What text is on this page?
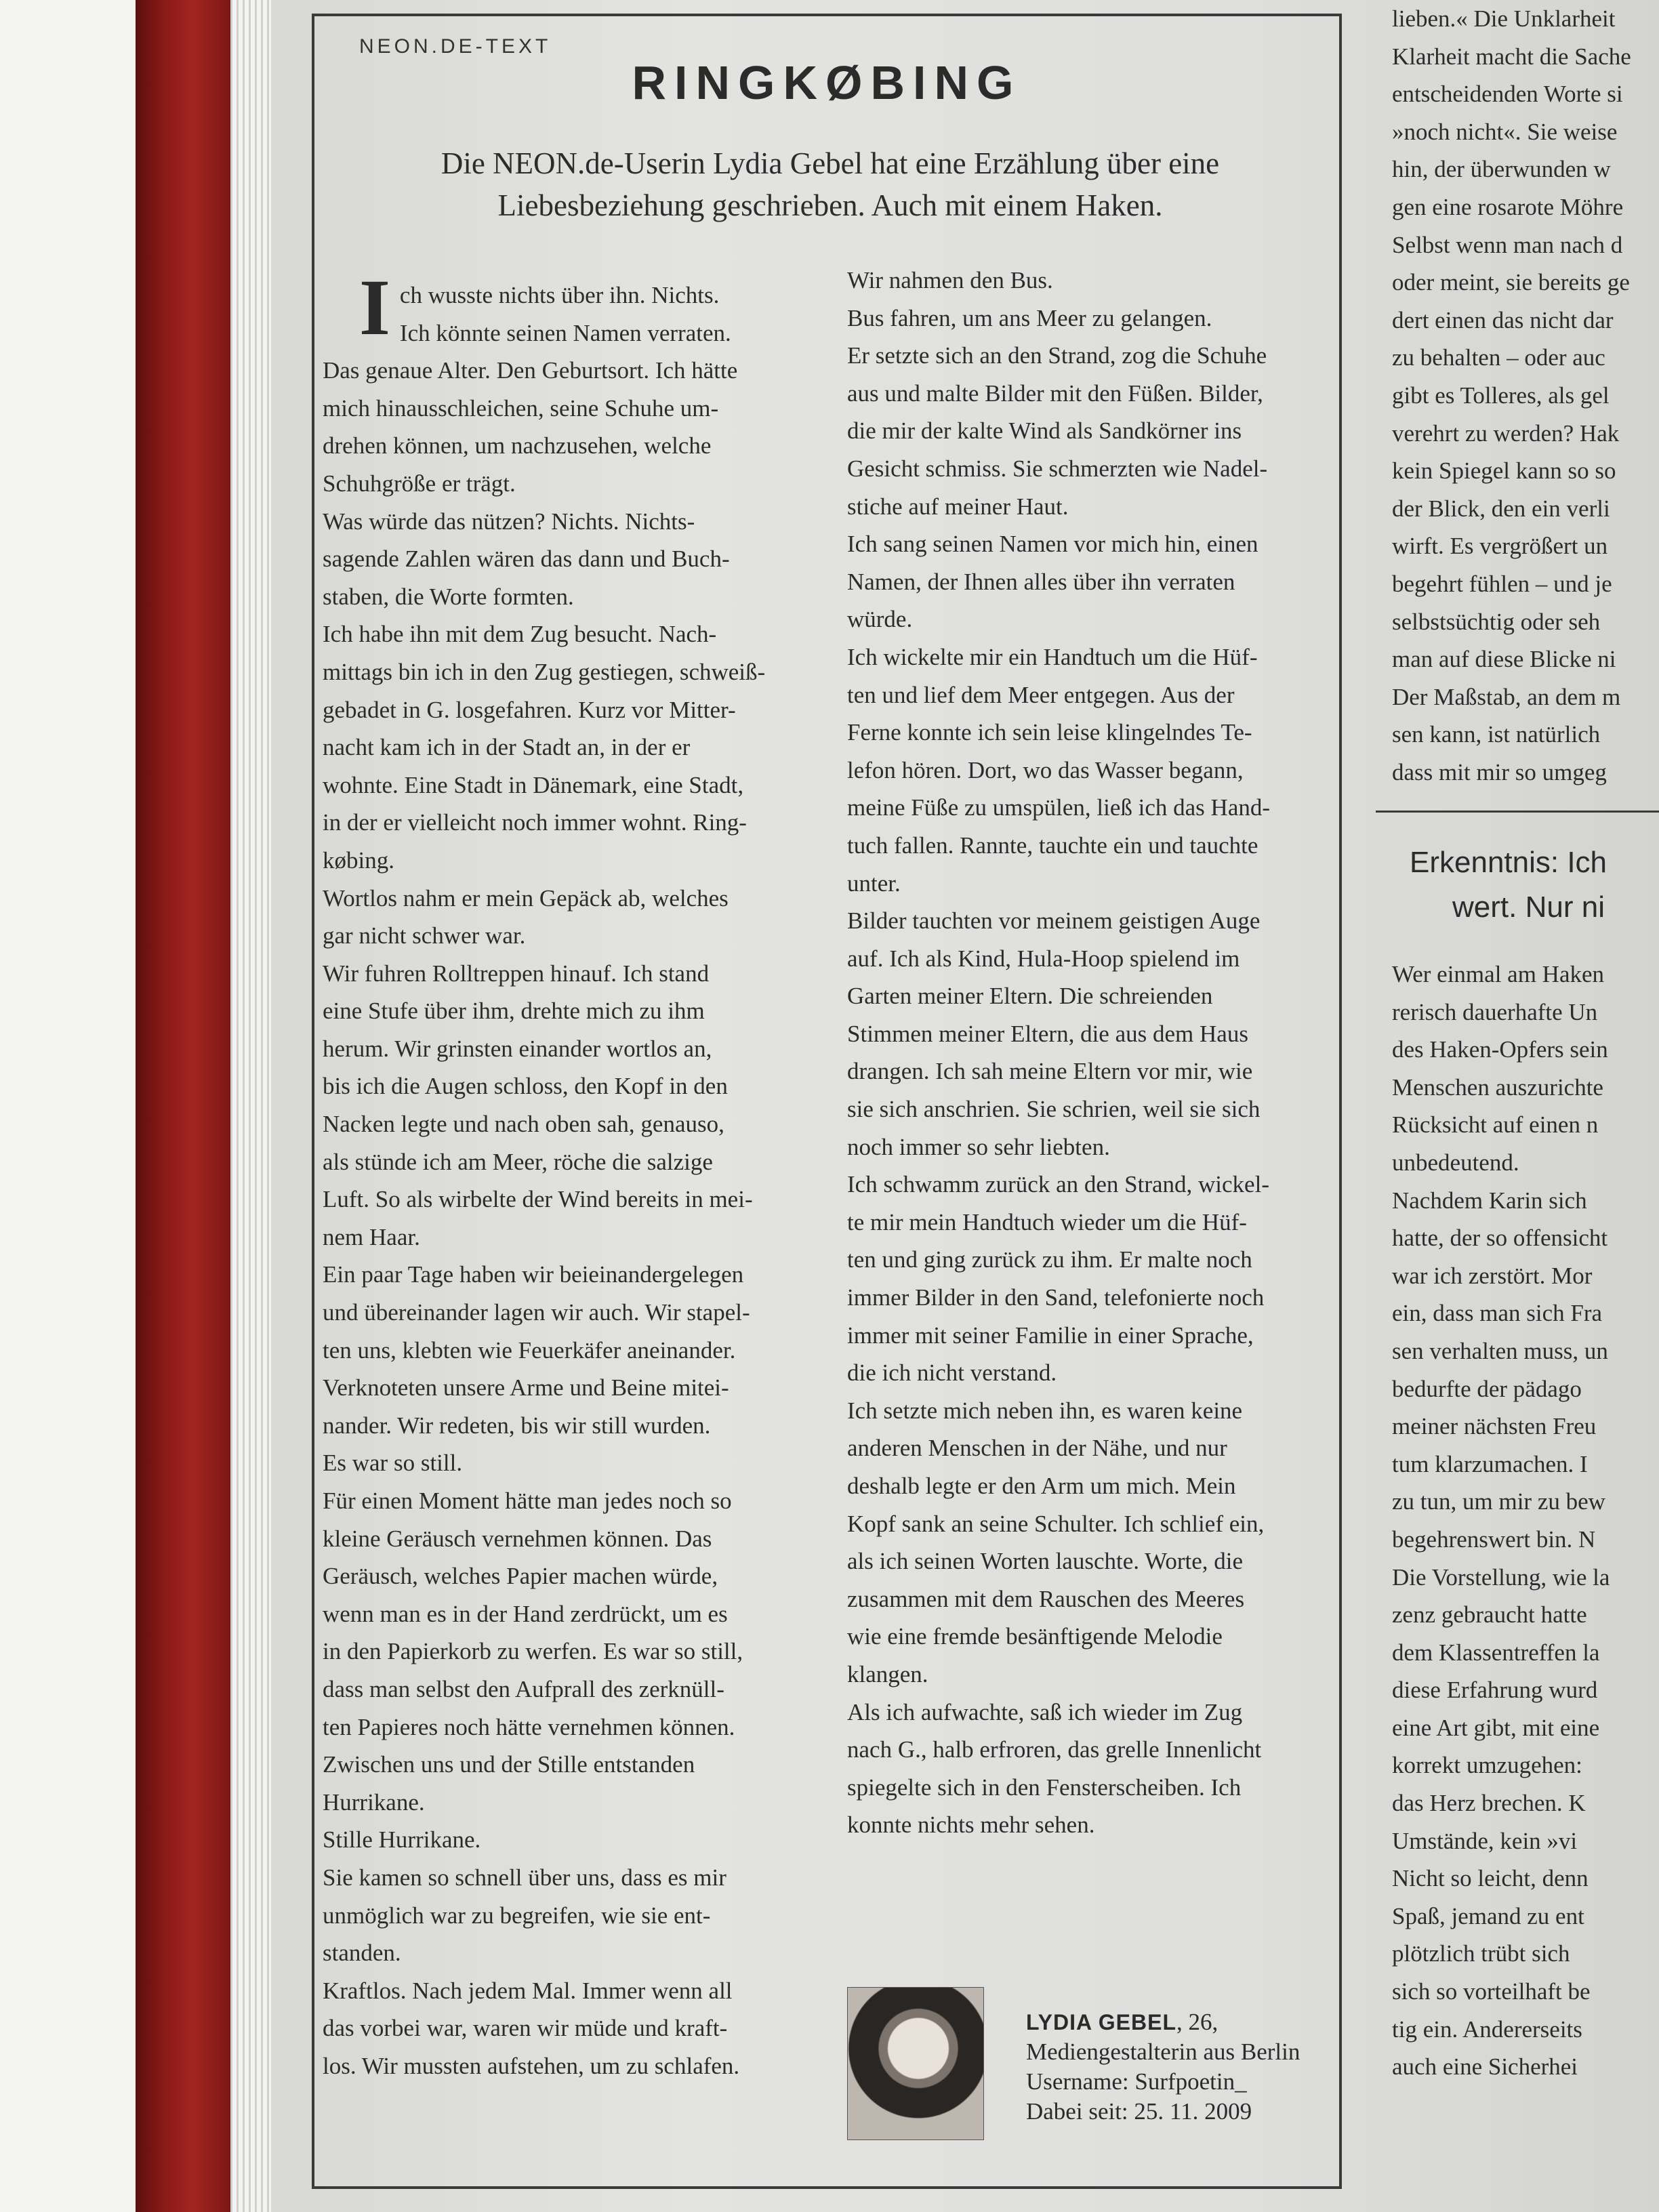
NEON.DE-TEXT
RINGKØBING
Die NEON.de-Userin Lydia Gebel hat eine Erzählung über eine
Liebesbeziehung geschrieben. Auch mit einem Haken.
I ch wusste nichts über ihn. Nichts.

Ich könnte seinen Namen verraten.

Das genaue Alter. Den Geburtsort. Ich hätte

mich hinausschleichen, seine Schuhe um-

drehen können, um nachzusehen, welche

Schuhgröße er trägt.

Was würde das nützen? Nichts. Nichts-

sagende Zahlen wären das dann und Buch-

staben, die Worte formten.

Ich habe ihn mit dem Zug besucht. Nach-

mittags bin ich in den Zug gestiegen, schweiß-

gebadet in G. losgefahren. Kurz vor Mitter-

nacht kam ich in der Stadt an, in der er

wohnte. Eine Stadt in Dänemark, eine Stadt,

in der er vielleicht noch immer wohnt. Ring-

købing.

Wortlos nahm er mein Gepäck ab, welches

gar nicht schwer war.

Wir fuhren Rolltreppen hinauf. Ich stand

eine Stufe über ihm, drehte mich zu ihm

herum. Wir grinsten einander wortlos an,

bis ich die Augen schloss, den Kopf in den

Nacken legte und nach oben sah, genauso,

als stünde ich am Meer, röche die salzige

Luft. So als wirbelte der Wind bereits in mei-

nem Haar.

Ein paar Tage haben wir beieinandergelegen

und übereinander lagen wir auch. Wir stapel-

ten uns, klebten wie Feuerkäfer aneinander.

Verknoteten unsere Arme und Beine mitei-

nander. Wir redeten, bis wir still wurden.

Es war so still.

Für einen Moment hätte man jedes noch so

kleine Geräusch vernehmen können. Das

Geräusch, welches Papier machen würde,

wenn man es in der Hand zerdrückt, um es

in den Papierkorb zu werfen. Es war so still,

dass man selbst den Aufprall des zerknüll-

ten Papieres noch hätte vernehmen können.

Zwischen uns und der Stille entstanden

Hurrikane.

Stille Hurrikane.

Sie kamen so schnell über uns, dass es mir

unmöglich war zu begreifen, wie sie ent-

standen.

Kraftlos. Nach jedem Mal. Immer wenn all

das vorbei war, waren wir müde und kraft-

los. Wir mussten aufstehen, um zu schlafen.

Wir nahmen den Bus.

Bus fahren, um ans Meer zu gelangen.

Er setzte sich an den Strand, zog die Schuhe

aus und malte Bilder mit den Füßen. Bilder,

die mir der kalte Wind als Sandkörner ins

Gesicht schmiss. Sie schmerzten wie Nadel-

stiche auf meiner Haut.

Ich sang seinen Namen vor mich hin, einen

Namen, der Ihnen alles über ihn verraten

würde.

Ich wickelte mir ein Handtuch um die Hüf-

ten und lief dem Meer entgegen. Aus der

Ferne konnte ich sein leise klingelndes Te-

lefon hören. Dort, wo das Wasser begann,

meine Füße zu umspülen, ließ ich das Hand-

tuch fallen. Rannte, tauchte ein und tauchte

unter.

Bilder tauchten vor meinem geistigen Auge

auf. Ich als Kind, Hula-Hoop spielend im

Garten meiner Eltern. Die schreienden

Stimmen meiner Eltern, die aus dem Haus

drangen. Ich sah meine Eltern vor mir, wie

sie sich anschrien. Sie schrien, weil sie sich

noch immer so sehr liebten.

Ich schwamm zurück an den Strand, wickel-

te mir mein Handtuch wieder um die Hüf-

ten und ging zurück zu ihm. Er malte noch

immer Bilder in den Sand, telefonierte noch

immer mit seiner Familie in einer Sprache,

die ich nicht verstand.

Ich setzte mich neben ihn, es waren keine

anderen Menschen in der Nähe, und nur

deshalb legte er den Arm um mich. Mein

Kopf sank an seine Schulter. Ich schlief ein,

als ich seinen Worten lauschte. Worte, die

zusammen mit dem Rauschen des Meeres

wie eine fremde besänftigende Melodie

klangen.

Als ich aufwachte, saß ich wieder im Zug

nach G., halb erfroren, das grelle Innenlicht

spiegelte sich in den Fensterscheiben. Ich

konnte nichts mehr sehen.

LYDIA GEBEL, 26,
Mediengestalterin aus Berlin
Username: Surfpoetin_
Dabei seit: 25. 11. 2009

lieben.« Die Unklarheit

Klarheit macht die Sache

entscheidenden Worte si

»noch nicht«. Sie weise

hin, der überwunden w

gen eine rosarote Möhre

Selbst wenn man nach d

oder meint, sie bereits ge

dert einen das nicht dar

zu behalten – oder auc

gibt es Tolleres, als gel

verehrt zu werden? Hak

kein Spiegel kann so so

der Blick, den ein verli

wirft. Es vergrößert un

begehrt fühlen – und je

selbstsüchtig oder seh

man auf diese Blicke ni

Der Maßstab, an dem m

sen kann, ist natürlich

dass mit mir so umgeg

Erkenntnis: Ich
wert. Nur ni

Wer einmal am Haken

rerisch dauerhafte Un

des Haken-Opfers sein

Menschen auszurichte

Rücksicht auf einen n

unbedeutend.

Nachdem Karin sich

hatte, der so offensicht

war ich zerstört. Mor

ein, dass man sich Fra

sen verhalten muss, un

bedurfte der pädago

meiner nächsten Freu

tum klarzumachen. I

zu tun, um mir zu bew

begehrenswert bin. N

Die Vorstellung, wie la

zenz gebraucht hatte

dem Klassentreffen la

diese Erfahrung wurd

eine Art gibt, mit eine

korrekt umzugehen:

das Herz brechen. K

Umstände, kein »vi

Nicht so leicht, denn

Spaß, jemand zu ent

plötzlich trübt sich

sich so vorteilhaft be

tig ein. Andererseits

auch eine Sicherhei
